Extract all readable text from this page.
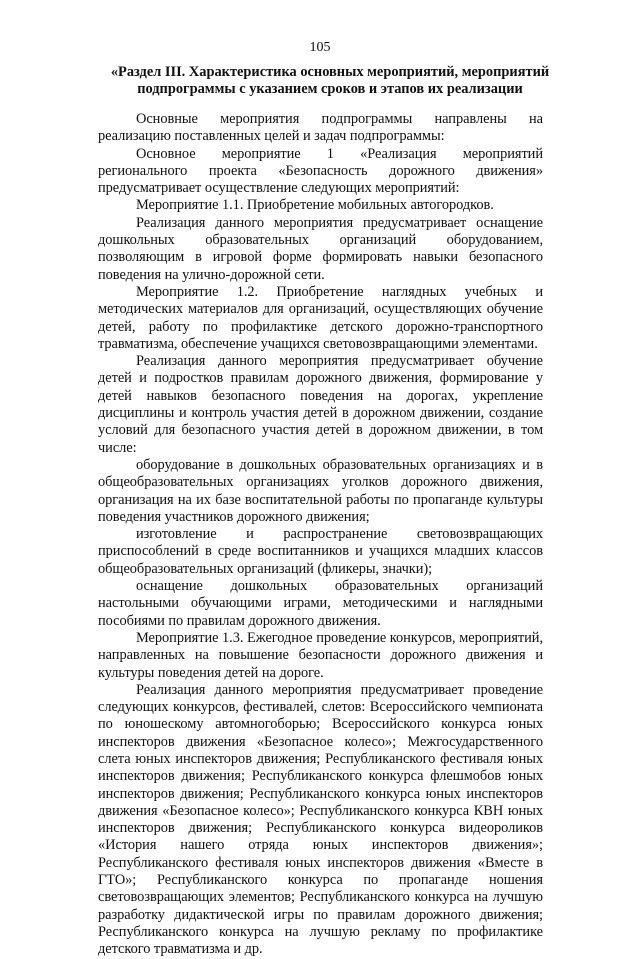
105
«Раздел III. Характеристика основных мероприятий, мероприятий
подпрограммы с указанием сроков и этапов их реализации

Основные мероприятия подпрограммы направлены на реализацию поставленных целей и задач подпрограммы:

Основное мероприятие 1 «Реализация мероприятий регионального проекта «Безопасность дорожного движения» предусматривает осуществление следующих мероприятий:

Мероприятие 1.1. Приобретение мобильных автогородков.

Реализация данного мероприятия предусматривает оснащение дошкольных образовательных организаций оборудованием, позволяющим в игровой форме формировать навыки безопасного поведения на улично-дорожной сети.

Мероприятие 1.2. Приобретение наглядных учебных и методических материалов для организаций, осуществляющих обучение детей, работу по профилактике детского дорожно-транспортного травматизма, обеспечение учащихся световозвращающими элементами.

Реализация данного мероприятия предусматривает обучение детей и подростков правилам дорожного движения, формирование у детей навыков безопасного поведения на дорогах, укрепление дисциплины и контроль участия детей в дорожном движении, создание условий для безопасного участия детей в дорожном движении, в том числе:

оборудование в дошкольных образовательных организациях и в общеобразовательных организациях уголков дорожного движения, организация на их базе воспитательной работы по пропаганде культуры поведения участников дорожного движения;

изготовление и распространение световозвращающих приспособлений в среде воспитанников и учащихся младших классов общеобразовательных организаций (фликеры, значки);

оснащение дошкольных образовательных организаций настольными обучающими играми, методическими и наглядными пособиями по правилам дорожного движения.

Мероприятие 1.3. Ежегодное проведение конкурсов, мероприятий, направленных на повышение безопасности дорожного движения и культуры поведения детей на дороге.

Реализация данного мероприятия предусматривает проведение следующих конкурсов, фестивалей, слетов: Всероссийского чемпионата по юношескому автомногоборью; Всероссийского конкурса юных инспекторов движения «Безопасное колесо»; Межгосударственного слета юных инспекторов движения; Республиканского фестиваля юных инспекторов движения; Республиканского конкурса флешмобов юных инспекторов движения; Республиканского конкурса юных инспекторов движения «Безопасное колесо»; Республиканского конкурса КВН юных инспекторов движения; Республиканского конкурса видеороликов «История нашего отряда юных инспекторов движения»; Республиканского фестиваля юных инспекторов движения «Вместе в ГТО»; Республиканского конкурса по пропаганде ношения световозвращающих элементов; Республиканского конкурса на лучшую разработку дидактической игры по правилам дорожного движения; Республиканского конкурса на лучшую рекламу по профилактике детского травматизма и др.
